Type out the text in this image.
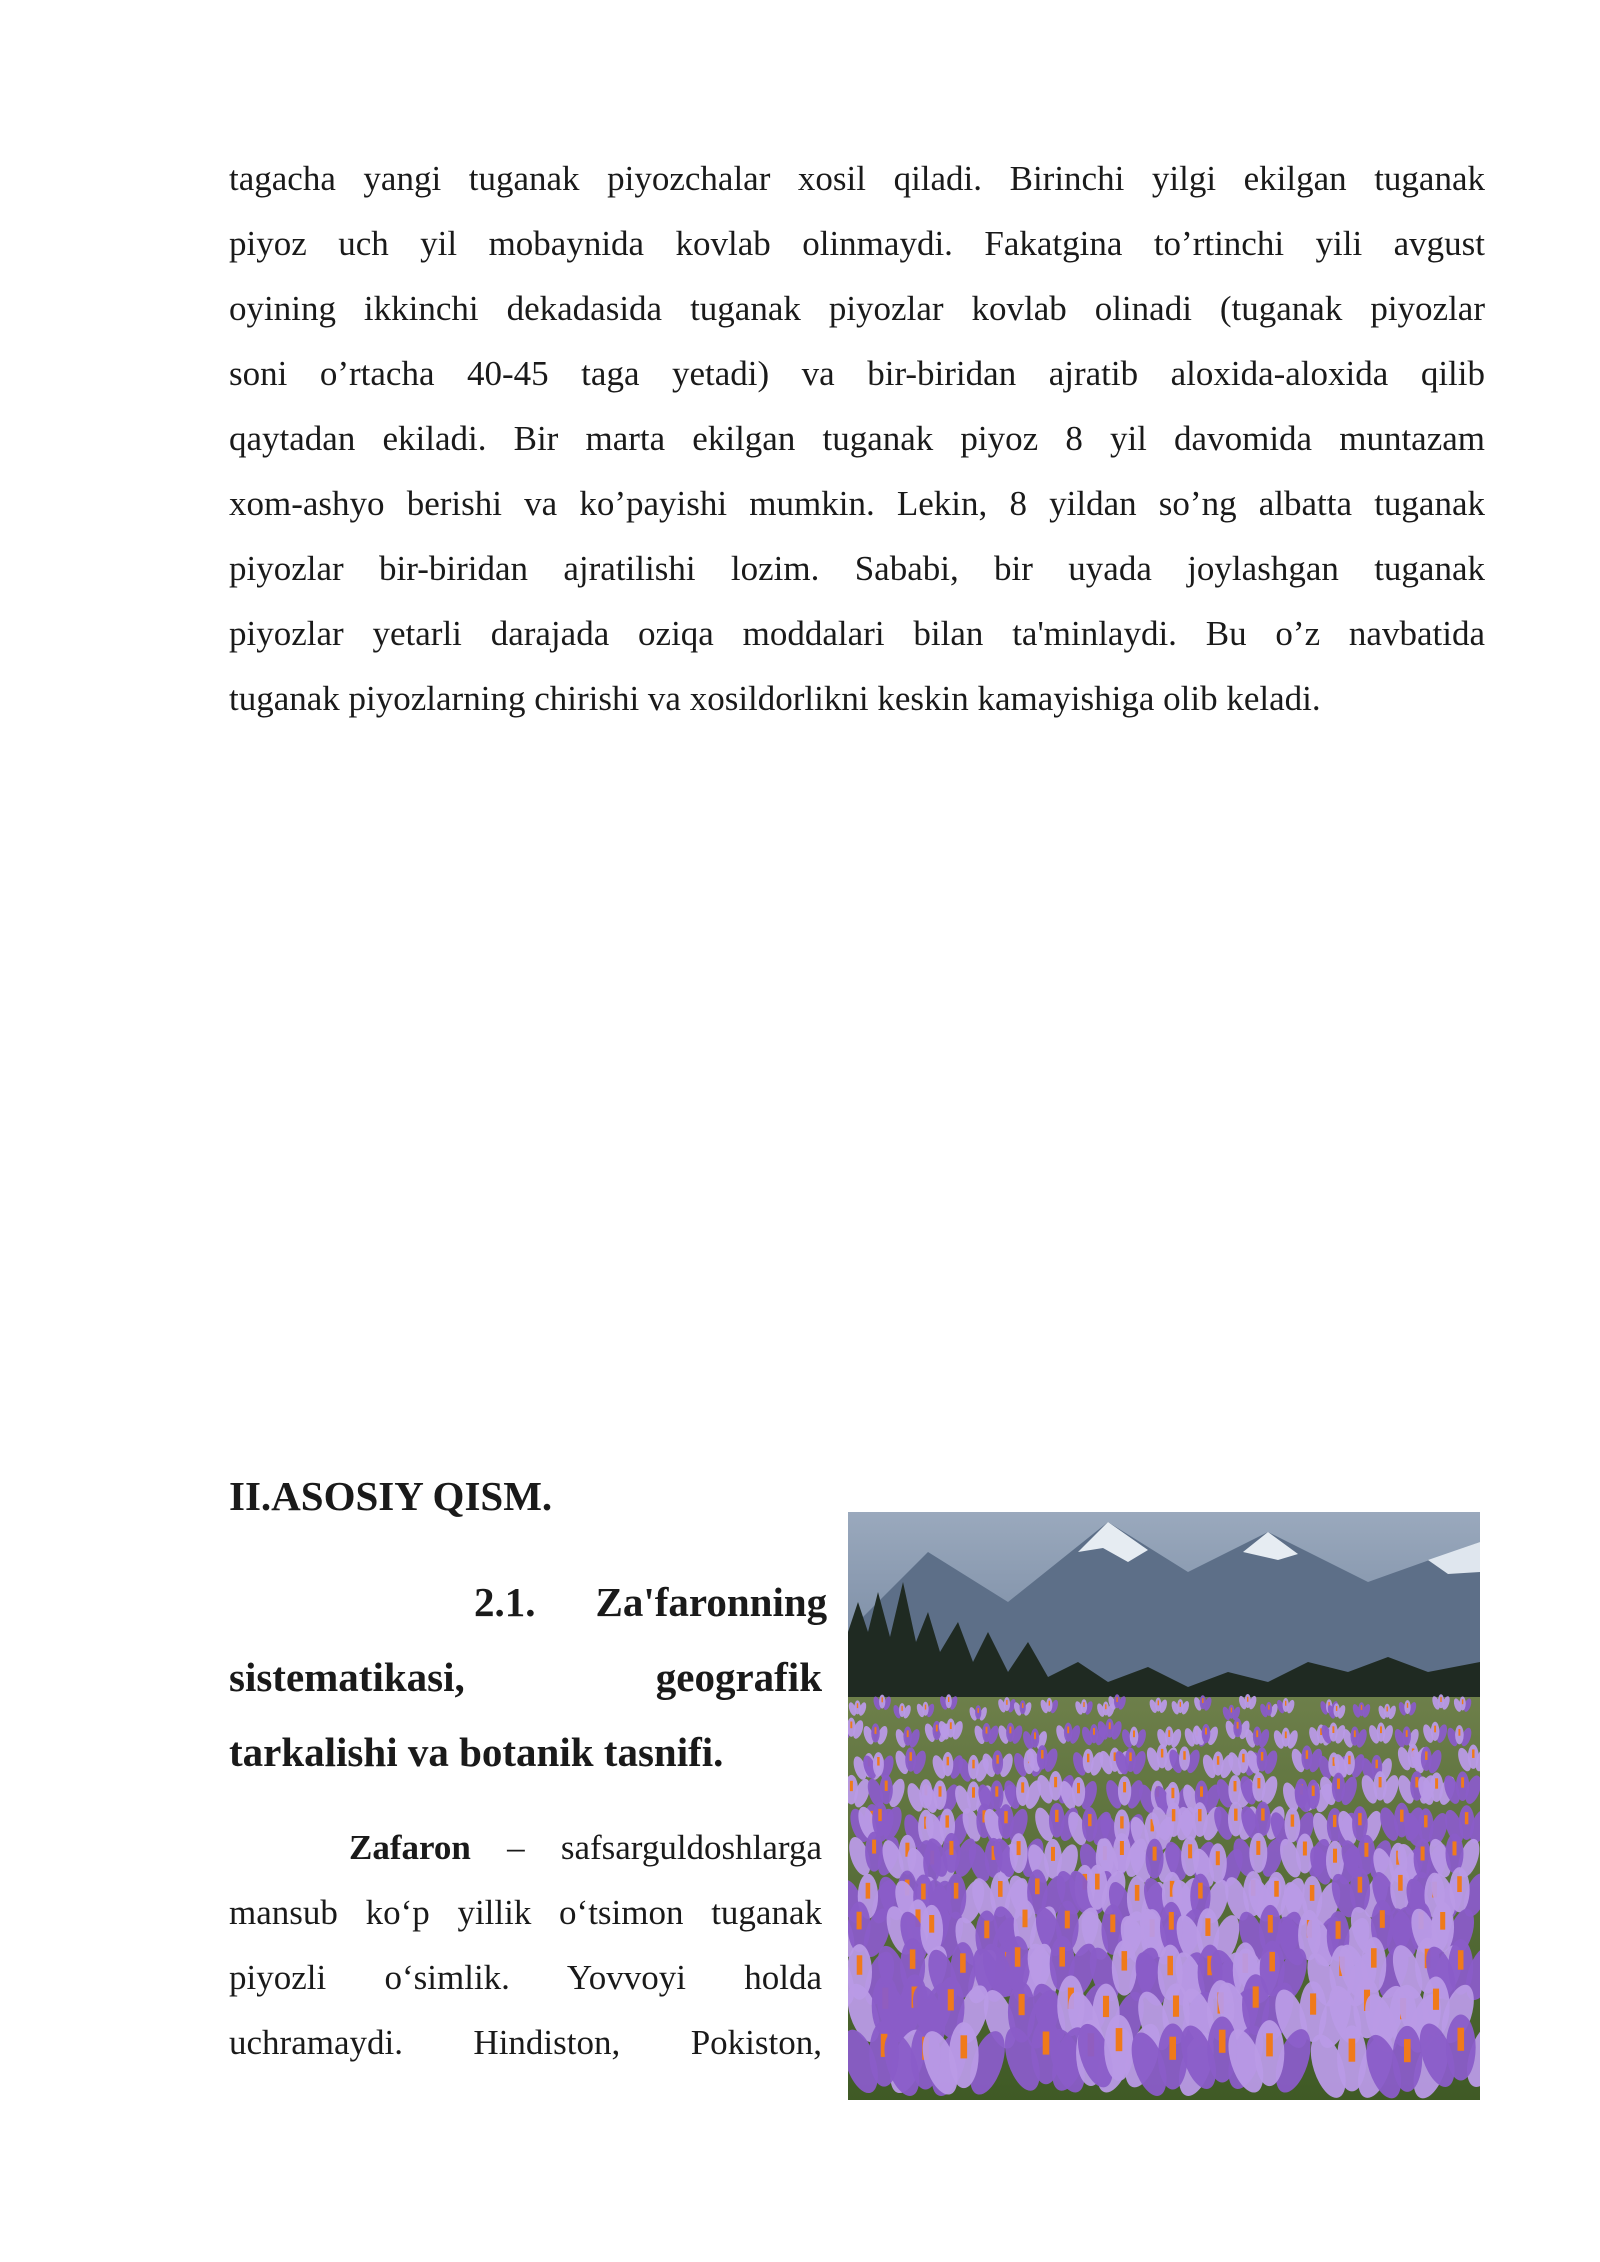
tagacha yangi tuganak piyozchalar xosil qiladi. Birinchi yilgi ekilgan tuganak
piyoz uch yil mobaynida kovlab olinmaydi. Fakatgina to’rtinchi yili avgust
oyining ikkinchi dekadasida tuganak piyozlar kovlab olinadi (tuganak piyozlar
soni o’rtacha 40-45 taga yetadi) va bir-biridan ajratib aloxida-aloxida qilib
qaytadan ekiladi. Bir marta ekilgan tuganak piyoz 8 yil davomida muntazam
xom-ashyo berishi va ko’payishi mumkin. Lekin, 8 yildan so’ng albatta tuganak
piyozlar bir-biridan ajratilishi lozim. Sababi, bir uyada joylashgan tuganak
piyozlar yetarli darajada oziqa moddalari bilan ta'minlaydi. Bu o’z navbatida
tuganak piyozlarning chirishi va xosildorlikni keskin kamayishiga olib keladi.
II.ASOSIY QISM.
2.1. Za'faronning
sistematikasi,	geografik
tarkalishi va botanik tasnifi.
Zafaron – safsarguldoshlarga
mansub ko‘p yillik o‘tsimon tuganak
piyozli o‘simlik. Yovvoyi holda
uchramaydi. Hindiston, Pokiston,
